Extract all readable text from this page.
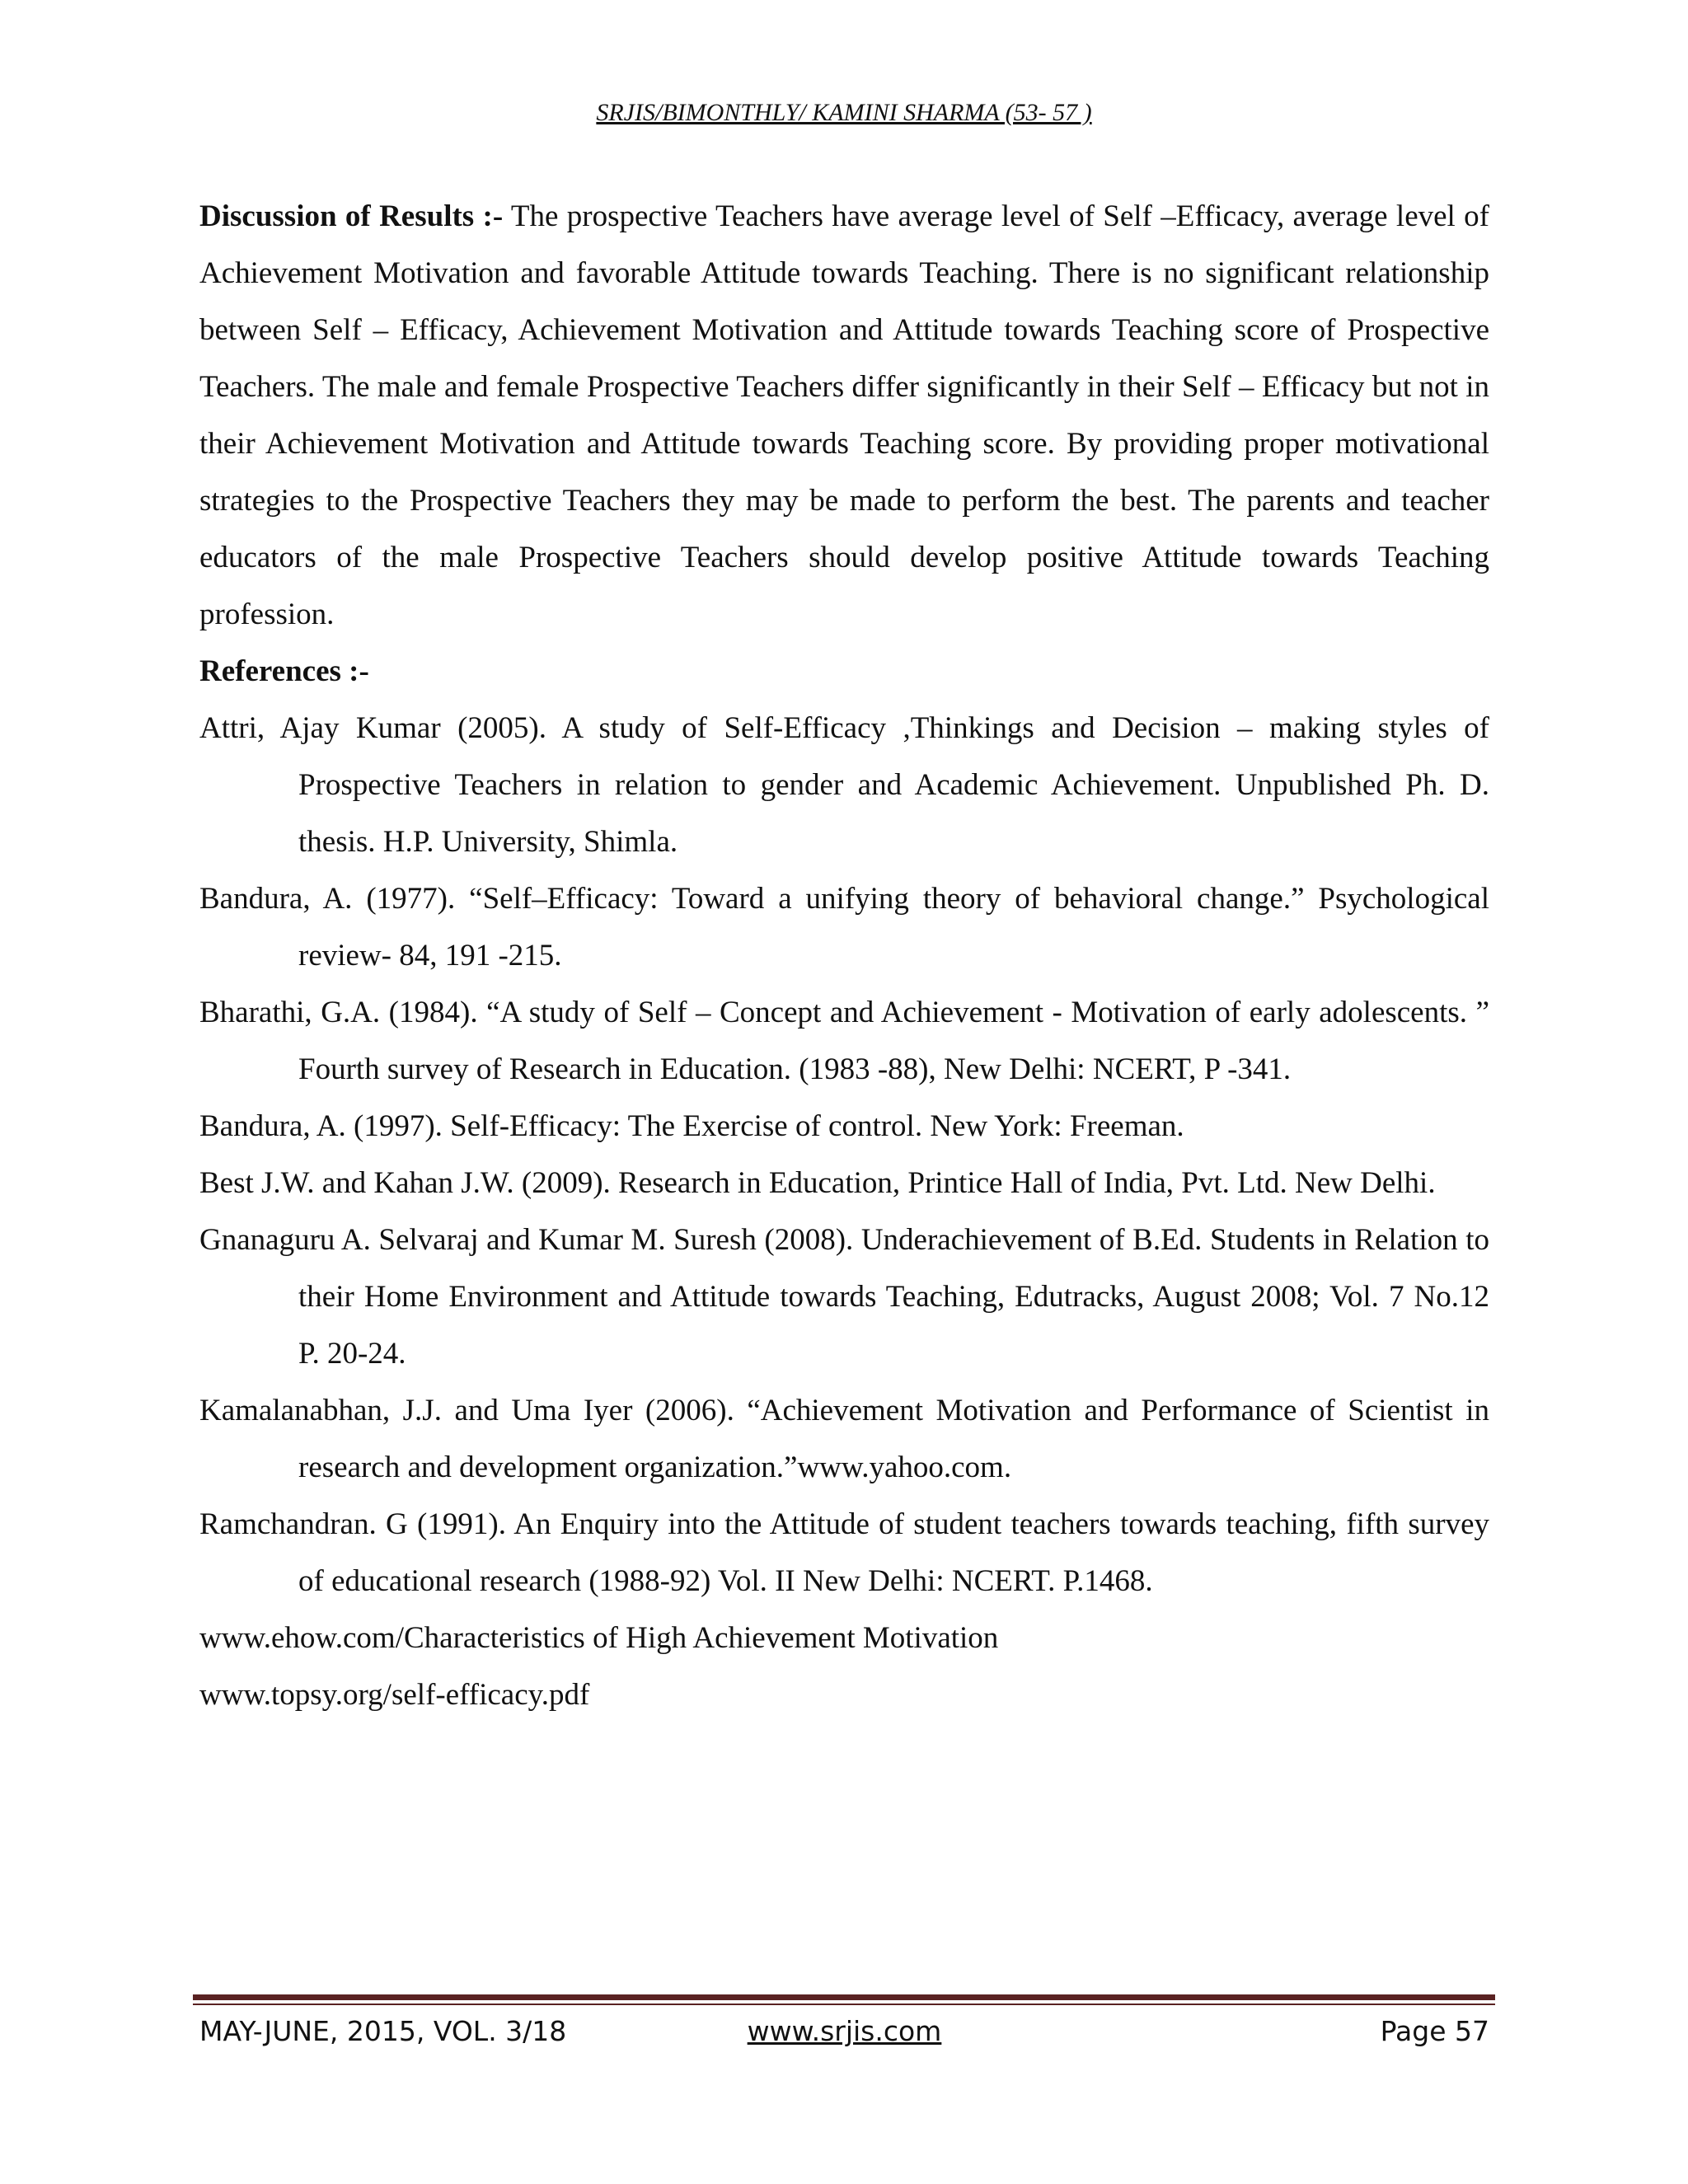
SRJIS/BIMONTHLY/ KAMINI SHARMA (53- 57 )

Discussion of Results :- The prospective Teachers have average level of Self –Efficacy, average level of Achievement Motivation and favorable Attitude towards Teaching. There is no significant relationship between Self – Efficacy, Achievement Motivation and Attitude towards Teaching score of Prospective Teachers. The male and female Prospective Teachers differ significantly in their Self – Efficacy but not in their Achievement Motivation and Attitude towards Teaching score. By providing proper motivational strategies to the Prospective Teachers they may be made to perform the best. The parents and teacher educators of the male Prospective Teachers should develop positive Attitude towards Teaching profession.

References :-

Attri, Ajay Kumar (2005). A study of Self-Efficacy ,Thinkings and Decision – making styles of Prospective Teachers in relation to gender and Academic Achievement. Unpublished Ph. D. thesis. H.P. University, Shimla.

Bandura, A. (1977). “Self–Efficacy: Toward a unifying theory of behavioral change.” Psychological review- 84, 191 -215.

Bharathi, G.A. (1984). “A study of Self – Concept and Achievement - Motivation of early adolescents. ” Fourth survey of Research in Education. (1983 -88), New Delhi: NCERT, P -341.

Bandura, A. (1997). Self-Efficacy: The Exercise of control. New York: Freeman.

Best J.W. and Kahan J.W. (2009). Research in Education, Printice Hall of India, Pvt. Ltd. New Delhi.

Gnanaguru A. Selvaraj and Kumar M. Suresh (2008). Underachievement of B.Ed. Students in Relation to their Home Environment and Attitude towards Teaching, Edutracks, August 2008; Vol. 7 No.12 P. 20-24.

Kamalanabhan, J.J. and Uma Iyer (2006). “Achievement Motivation and Performance of Scientist in research and development organization.”www.yahoo.com.

Ramchandran. G (1991). An Enquiry into the Attitude of student teachers towards teaching, fifth survey of educational research (1988-92) Vol. II New Delhi: NCERT. P.1468.

www.ehow.com/Characteristics of High Achievement Motivation

www.topsy.org/self-efficacy.pdf

MAY-JUNE, 2015, VOL. 3/18	www.srjis.com	Page 57
